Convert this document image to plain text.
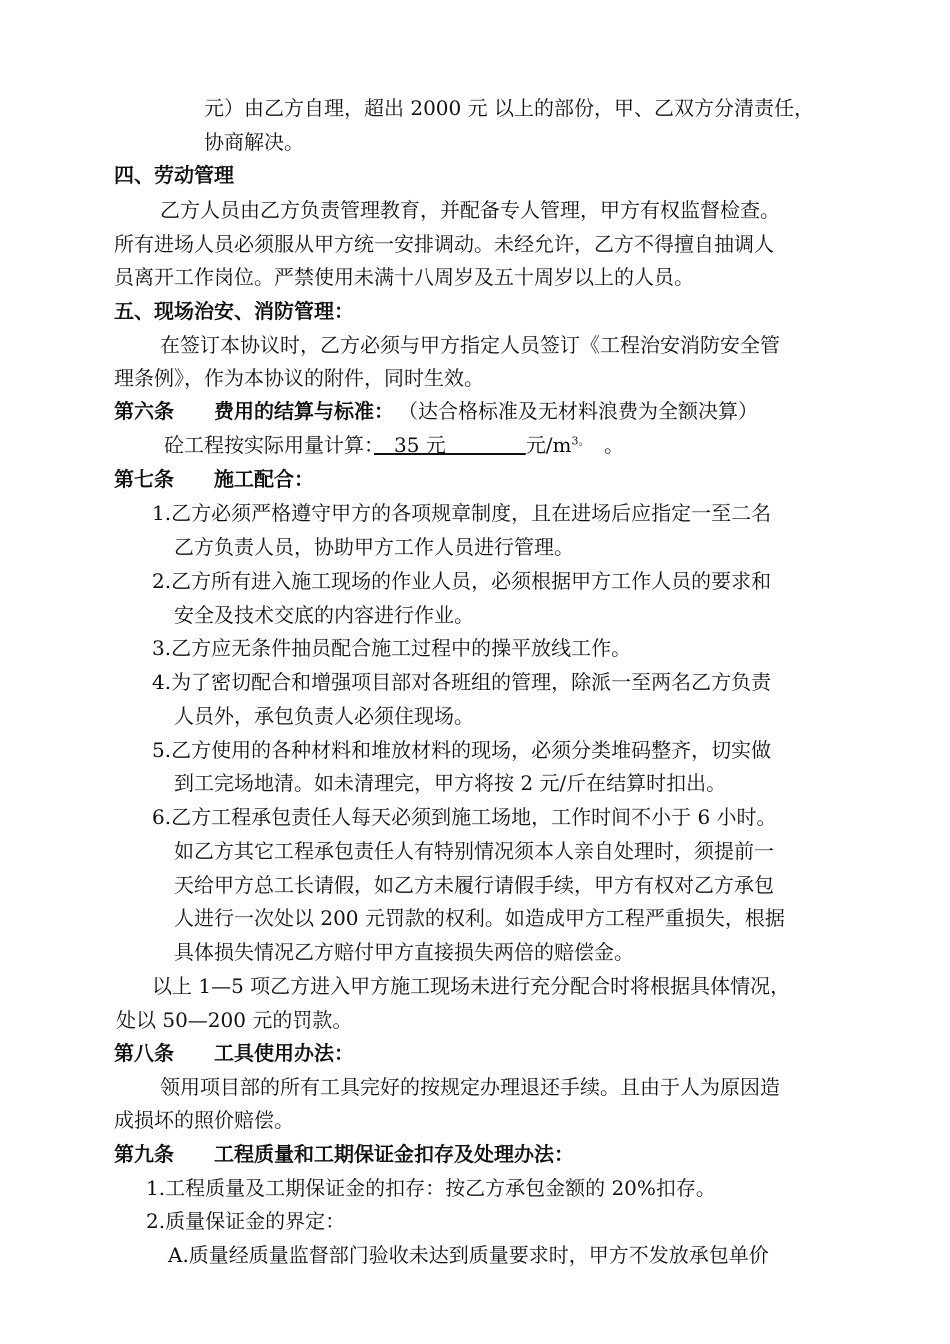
元）由乙方自理，超出 2000 元 以上的部份，甲、乙双方分清责任，
协商解决。
四、劳动管理
乙方人员由乙方负责管理教育，并配备专人管理，甲方有权监督检查。
所有进场人员必须服从甲方统一安排调动。未经允许，乙方不得擅自抽调人
员离开工作岗位。严禁使用未满十八周岁及五十周岁以上的人员。
五、现场治安、消防管理：
在签订本协议时，乙方必须与甲方指定人员签订《工程治安消防安全管
理条例》，作为本协议的附件，同时生效。
第六条　　费用的结算与标准： （达合格标准及无材料浪费为全额决算）
砼工程按实际用量计算：　35 元　　　　元$/m^{3。}$　。
第七条　　施工配合：
1.乙方必须严格遵守甲方的各项规章制度，且在进场后应指定一至二名
乙方负责人员，协助甲方工作人员进行管理。
2.乙方所有进入施工现场的作业人员，必须根据甲方工作人员的要求和
安全及技术交底的内容进行作业。
3.乙方应无条件抽员配合施工过程中的操平放线工作。
4.为了密切配合和增强项目部对各班组的管理，除派一至两名乙方负责
人员外，承包负责人必须住现场。
5.乙方使用的各种材料和堆放材料的现场，必须分类堆码整齐，切实做
到工完场地清。如未清理完，甲方将按 2 元/斤在结算时扣出。
6.乙方工程承包责任人每天必须到施工场地，工作时间不小于 6 小时。
如乙方其它工程承包责任人有特别情况须本人亲自处理时，须提前一
天给甲方总工长请假，如乙方未履行请假手续，甲方有权对乙方承包
人进行一次处以 200 元罚款的权利。如造成甲方工程严重损失，根据
具体损失情况乙方赔付甲方直接损失两倍的赔偿金。
以上 1—5 项乙方进入甲方施工现场未进行充分配合时将根据具体情况，
处以 50—200 元的罚款。
第八条　　工具使用办法：
领用项目部的所有工具完好的按规定办理退还手续。且由于人为原因造
成损坏的照价赔偿。
第九条　　工程质量和工期保证金扣存及处理办法：
1.工程质量及工期保证金的扣存：按乙方承包金额的 20%扣存。
2.质量保证金的界定：
A.质量经质量监督部门验收未达到质量要求时，甲方不发放承包单价
